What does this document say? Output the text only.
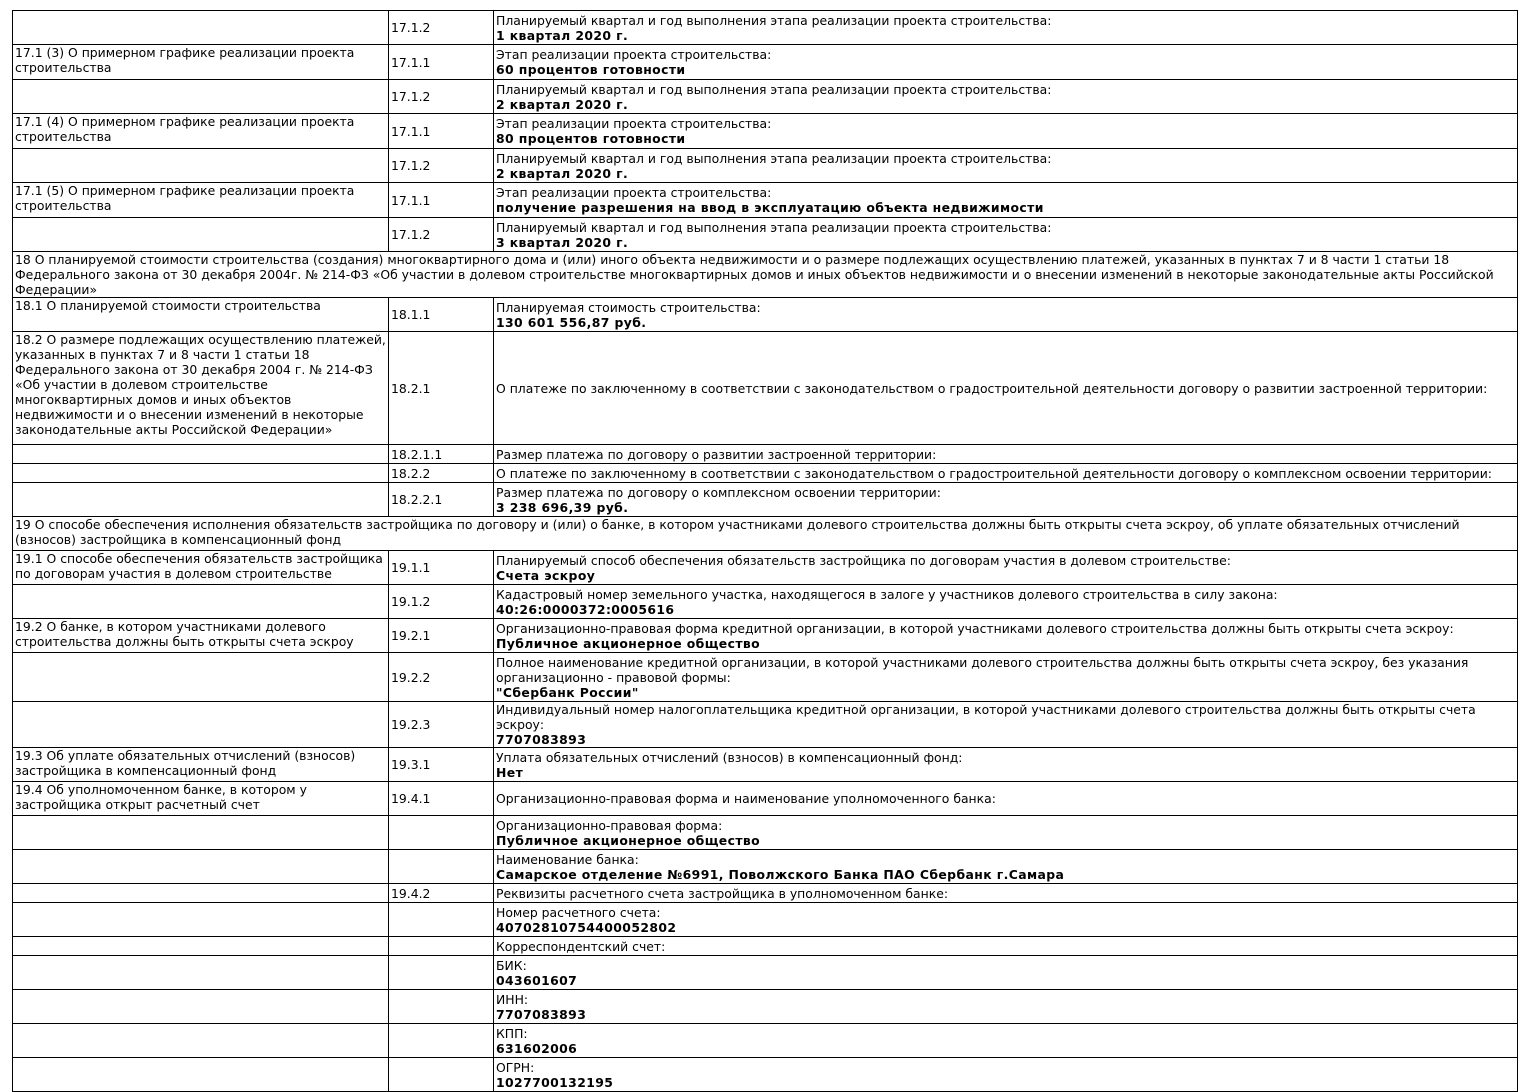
	17.1.2	Планируемый квартал и год выполнения этапа реализации проекта строительства:
1 квартал 2020 г.

17.1 (3) О примерном графике реализации проекта строительства	17.1.1	Этап реализации проекта строительства:
60 процентов готовности

	17.1.2	Планируемый квартал и год выполнения этапа реализации проекта строительства:
2 квартал 2020 г.

17.1 (4) О примерном графике реализации проекта строительства	17.1.1	Этап реализации проекта строительства:
80 процентов готовности

	17.1.2	Планируемый квартал и год выполнения этапа реализации проекта строительства:
2 квартал 2020 г.

17.1 (5) О примерном графике реализации проекта строительства	17.1.1	Этап реализации проекта строительства:
получение разрешения на ввод в эксплуатацию объекта недвижимости

	17.1.2	Планируемый квартал и год выполнения этапа реализации проекта строительства:
3 квартал 2020 г.

18 О планируемой стоимости строительства (создания) многоквартирного дома и (или) иного объекта недвижимости и о размере подлежащих осуществлению платежей, указанных в пунктах 7 и 8 части 1 статьи 18 Федерального закона от 30 декабря 2004г. № 214-ФЗ «Об участии в долевом строительстве многоквартирных домов и иных объектов недвижимости и о внесении изменений в некоторые законодательные акты Российской Федерации»		
18.1 О планируемой стоимости строительства	18.1.1	Планируемая стоимость строительства:
130 601 556,87 руб.

18.2 О размере подлежащих осуществлению платежей, указанных в пунктах 7 и 8 части 1 статьи 18 Федерального закона от 30 декабря 2004 г. № 214-ФЗ «Об участии в долевом строительстве многоквартирных домов и иных объектов недвижимости и о внесении изменений в некоторые законодательные акты Российской Федерации»	18.2.1	О платеже по заключенному в соответствии с законодательством о градостроительной деятельности договору о развитии застроенной территории:

	18.2.1.1	Размер платежа по договору о развитии застроенной территории:

	18.2.2	О платеже по заключенному в соответствии с законодательством о градостроительной деятельности договору о комплексном освоении территории:

	18.2.2.1	Размер платежа по договору о комплексном освоении территории:
3 238 696,39 руб.

19 О способе обеспечения исполнения обязательств застройщика по договору и (или) о банке, в котором участниками долевого строительства должны быть открыты счета эскроу, об уплате обязательных отчислений (взносов) застройщика в компенсационный фонд		
19.1 О способе обеспечения обязательств застройщика по договорам участия в долевом строительстве	19.1.1	Планируемый способ обеспечения обязательств застройщика по договорам участия в долевом строительстве:
Счета эскроу

	19.1.2	Кадастровый номер земельного участка, находящегося в залоге у участников долевого строительства в силу закона:
40:26:0000372:0005616

19.2 О банке, в котором участниками долевого строительства должны быть открыты счета эскроу	19.2.1	Организационно-правовая форма кредитной организации, в которой участниками долевого строительства должны быть открыты счета эскроу:
Публичное акционерное общество

	19.2.2	Полное наименование кредитной организации, в которой участниками долевого строительства должны быть открыты счета эскроу, без указания организационно - правовой формы:
"Сбербанк России"

	19.2.3	Индивидуальный номер налогоплательщика кредитной организации, в которой участниками долевого строительства должны быть открыты счета эскроу:
7707083893

19.3 Об уплате обязательных отчислений (взносов) застройщика в компенсационный фонд	19.3.1	Уплата обязательных отчислений (взносов) в компенсационный фонд:
Нет

19.4 Об уполномоченном банке, в котором у застройщика открыт расчетный счет	19.4.1	Организационно-правовая форма и наименование уполномоченного банка:

		Организационно-правовая форма:
Публичное акционерное общество

		Наименование банка:
Самарское отделение №6991, Поволжского Банка ПАО Сбербанк г.Самара

	19.4.2	Реквизиты расчетного счета застройщика в уполномоченном банке:

		Номер расчетного счета:
40702810754400052802

		Корреспондентский счет:

		БИК:
043601607

		ИНН:
7707083893

		КПП:
631602006

		ОГРН:
1027700132195
